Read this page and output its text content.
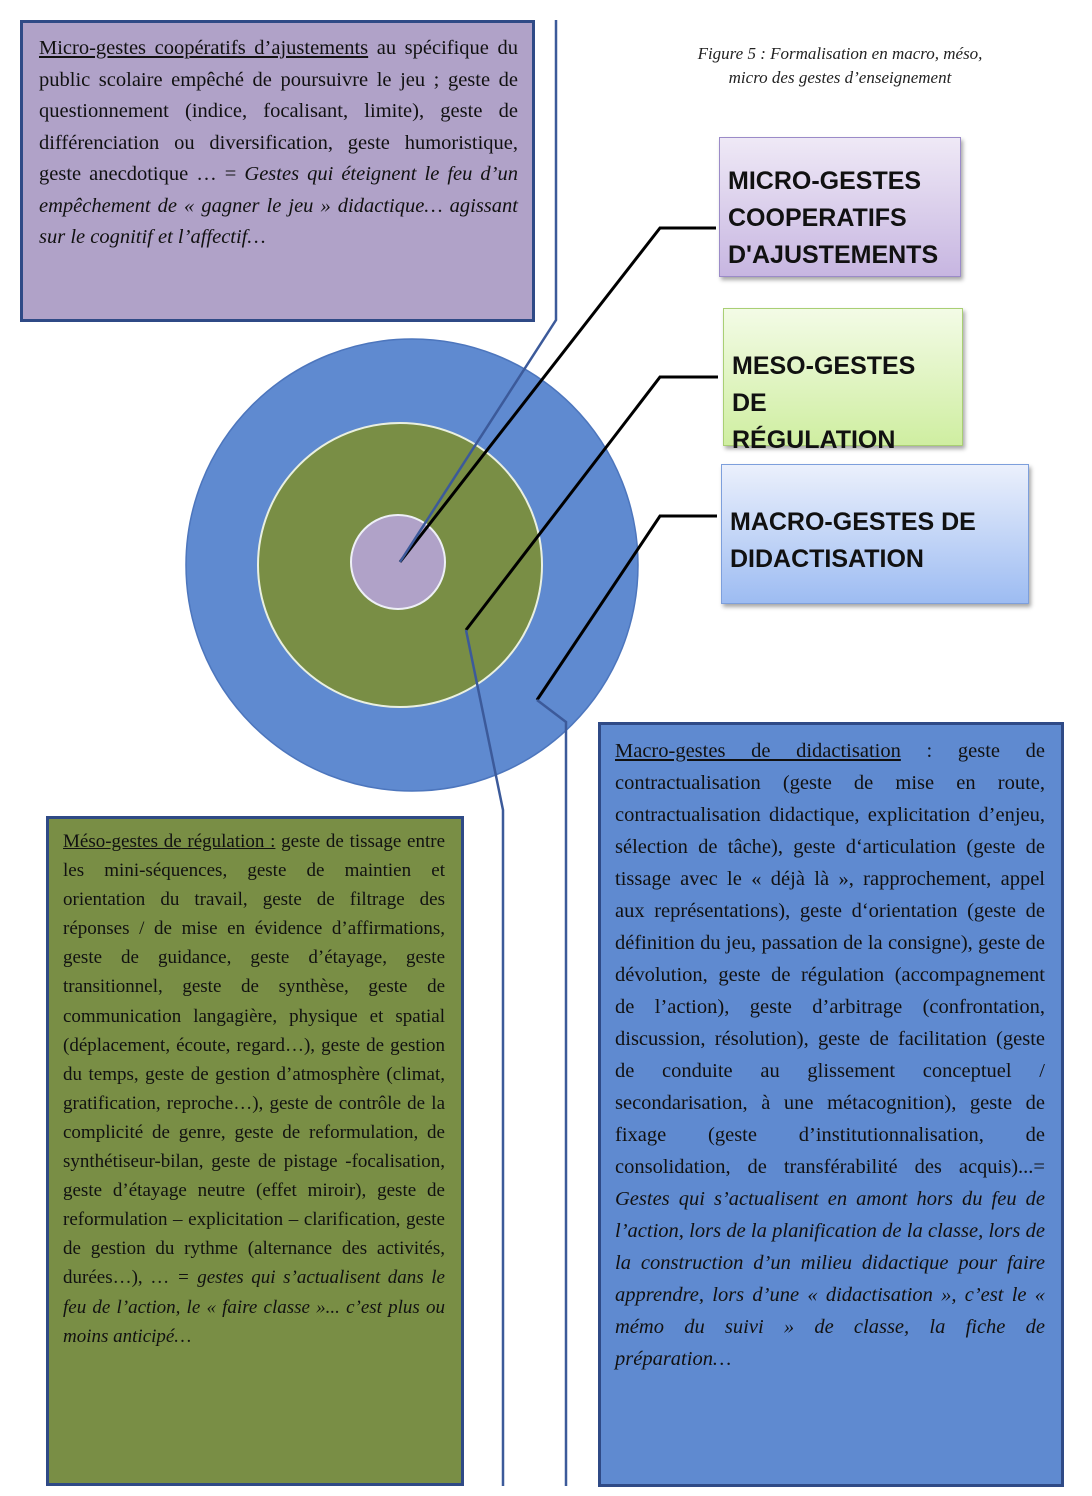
Figure 5 : Formalisation en macro, méso,
micro des gestes d’enseignement
MICRO-GESTES
COOPERATIFS
D'AJUSTEMENTS
MESO-GESTES DE
RÉGULATION
MACRO-GESTES DE
DIDACTISATION

Micro-gestes coopératifs d’ajustements au spécifique du public scolaire empêché de poursuivre le jeu ; geste de questionnement (indice, focalisant, limite), geste de différenciation ou diversification, geste humoristique, geste anecdotique … = Gestes qui éteignent le feu d’un empêchement de « gagner le jeu » didactique… agissant sur le cognitif et l’affectif…

Méso-gestes de régulation : geste de tissage entre les mini-séquences, geste de maintien et orientation du travail, geste de filtrage des réponses / de mise en évidence d’affirmations, geste de guidance, geste d’étayage, geste transitionnel, geste de synthèse, geste de communication langagière, physique et spatial (déplacement, écoute, regard…), geste de gestion du temps, geste de gestion d’atmosphère (climat, gratification, reproche…), geste de contrôle de la complicité de genre, geste de reformulation, de synthétiseur-bilan, geste de pistage -focalisation, geste d’étayage neutre (effet miroir), geste de reformulation – explicitation – clarification, geste de gestion du rythme (alternance des activités, durées…), … = gestes qui s’actualisent dans le feu de l’action, le « faire classe »... c’est plus ou moins anticipé…

Macro-gestes de didactisation : geste de contractualisation (geste de mise en route, contractualisation didactique, explicitation d’enjeu, sélection de tâche), geste d‘articulation (geste de tissage avec le « déjà là », rapprochement, appel aux représentations), geste d‘orientation (geste de définition du jeu, passation de la consigne), geste de dévolution, geste de régulation (accompagnement de l’action), geste d’arbitrage (confrontation, discussion, résolution), geste de facilitation (geste de conduite au glissement conceptuel / secondarisation, à une métacognition), geste de fixage (geste d’institutionnalisation, de consolidation, de transférabilité des acquis)...= Gestes qui s’actualisent en amont hors du feu de l’action, lors de la planification de la classe, lors de la construction d’un milieu didactique pour faire apprendre, lors d’une « didactisation », c’est le « mémo du suivi » de classe, la fiche de préparation…
